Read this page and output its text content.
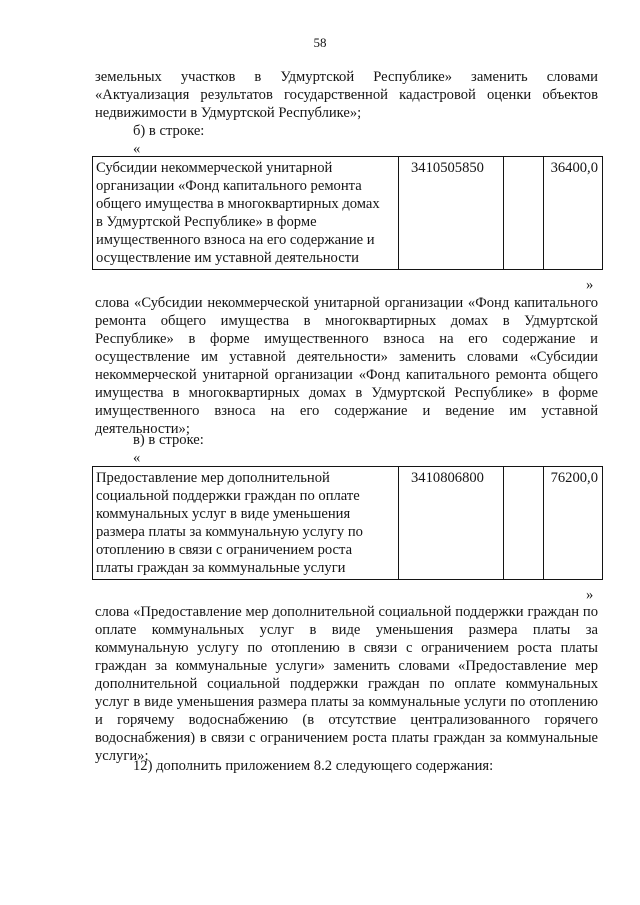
58
земельных участков в Удмуртской Республике» заменить словами «Актуализация результатов государственной кадастровой оценки объектов недвижимости в Удмуртской Республике»;
б) в строке:
«
Субсидии некоммерческой унитарной
организации «Фонд капитального ремонта
общего имущества в многоквартирных домах
в Удмуртской Республике» в форме
имущественного взноса на его содержание и
осуществление им уставной деятельности
	3410505850		36400,0
»

слова «Субсидии некоммерческой унитарной организации «Фонд капитального ремонта общего имущества в многоквартирных домах в Удмуртской Республике» в форме имущественного взноса на его содержание и осуществление им уставной деятельности» заменить словами «Субсидии некоммерческой унитарной организации «Фонд капитального ремонта общего имущества в многоквартирных домах в Удмуртской Республике» в форме имущественного взноса на его содержание и ведение им уставной деятельности»;

в) в строке:
«
Предоставление мер дополнительной
социальной поддержки граждан по оплате
коммунальных услуг в виде уменьшения
размера платы за коммунальную услугу по
отоплению в связи с ограничением роста
платы граждан за коммунальные услуги
	3410806800		76200,0
»

слова «Предоставление мер дополнительной социальной поддержки граждан по оплате коммунальных услуг в виде уменьшения размера платы за коммунальную услугу по отоплению в связи с ограничением роста платы граждан за коммунальные услуги» заменить словами «Предоставление мер дополнительной социальной поддержки граждан по оплате коммунальных услуг в виде уменьшения размера платы за коммунальные услуги по отоплению и горячему водоснабжению (в отсутствие централизованного горячего водоснабжения) в связи с ограничением роста платы граждан за коммунальные услуги»;

12) дополнить приложением 8.2 следующего содержания:
